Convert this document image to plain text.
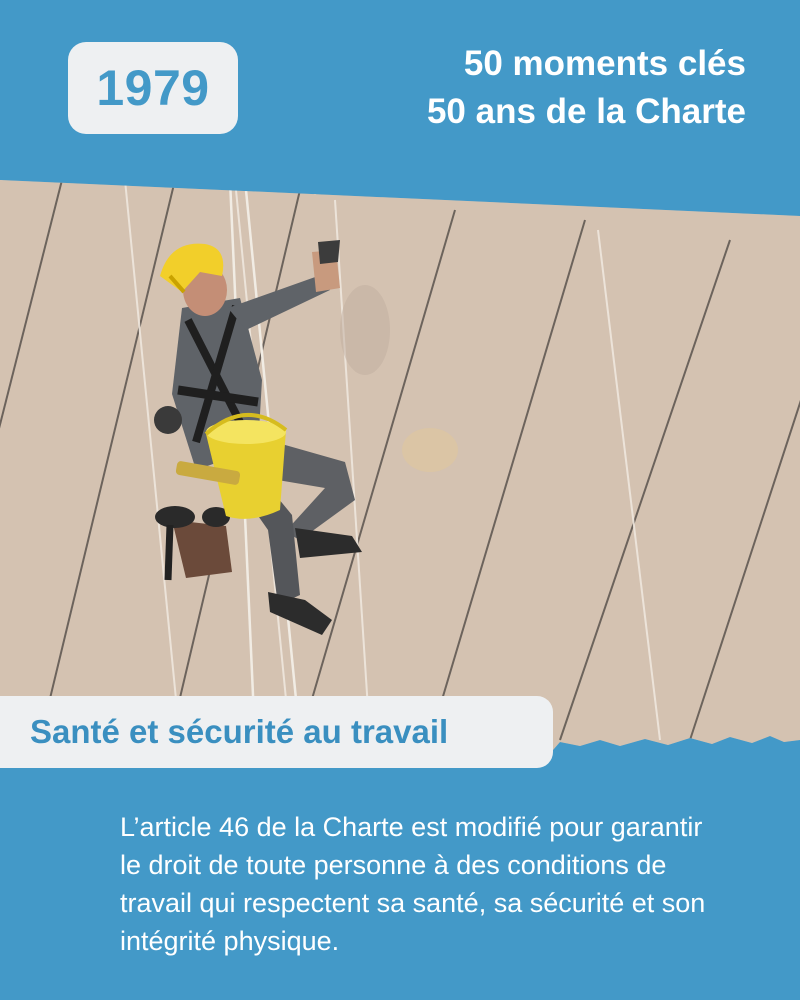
1979	50 moments clés
50 ans de la Charte
Santé et sécurité au travail
L’article 46 de la Charte est modifié pour garantir le droit de toute personne à des conditions de travail qui respectent sa santé, sa sécurité et son intégrité physique.
